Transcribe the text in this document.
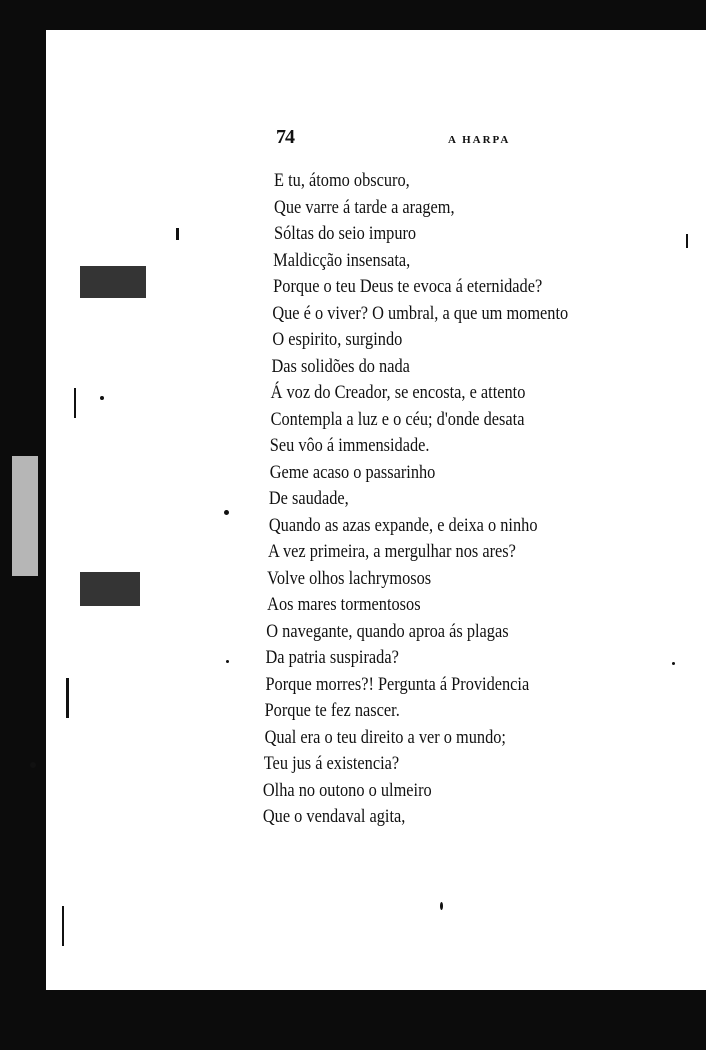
74	A HARPA
E tu, átomo obscuro,
Que varre á tarde a aragem,
Sóltas do seio impuro
Maldicção insensata,
Porque o teu Deus te evoca á eternidade?
Que é o viver? O umbral, a que um momento
O espirito, surgindo
Das solidões do nada
Á voz do Creador, se encosta, e attento
Contempla a luz e o céu; d'onde desata
Seu vôo á immensidade.
Geme acaso o passarinho
De saudade,
Quando as azas expande, e deixa o ninho
A vez primeira, a mergulhar nos ares?
Volve olhos lachrymosos
Aos mares tormentosos
O navegante, quando aproa ás plagas
Da patria suspirada?
Porque morres?! Pergunta á Providencia
Porque te fez nascer.
Qual era o teu direito a ver o mundo;
Teu jus á existencia?
Olha no outono o ulmeiro
Que o vendaval agita,
